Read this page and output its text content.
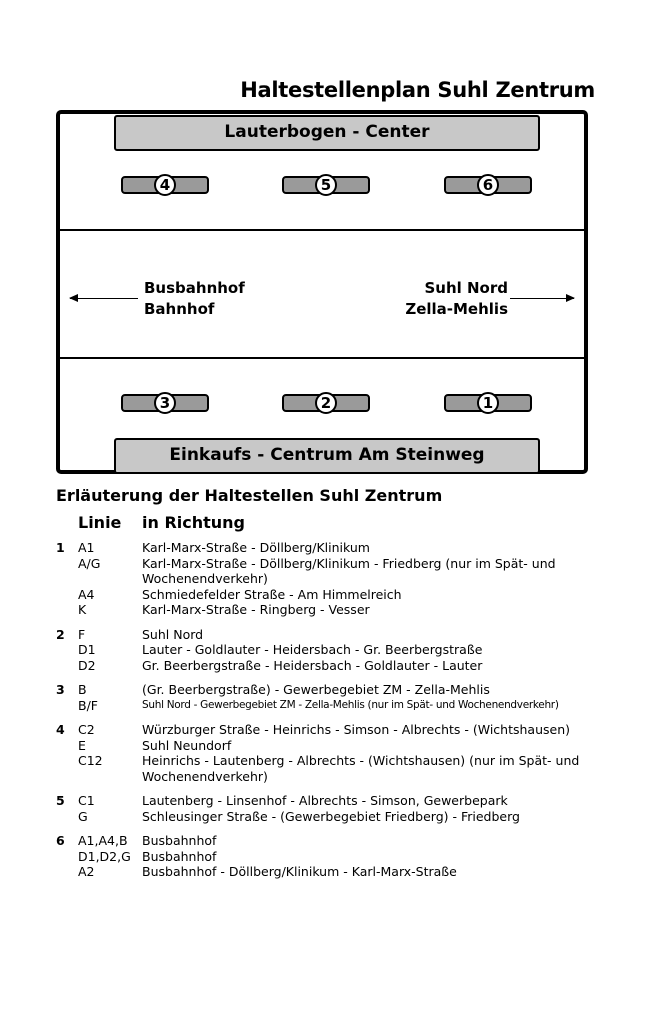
Haltestellenplan Suhl Zentrum
Lauterbogen - Center
4	5	6
Busbahnhof
Bahnhof
Suhl Nord
Zella-Mehlis
3	2	1
Einkaufs - Centrum Am Steinweg
Erläuterung der Haltestellen Suhl Zentrum
Linie in Richtung
1	A1	Karl-Marx-Straße - Döllberg/Klinikum
A/G	Karl-Marx-Straße - Döllberg/Klinikum - Friedberg (nur im Spät- und Wochenendverkehr)
A4	Schmiedefelder Straße - Am Himmelreich
K	Karl-Marx-Straße - Ringberg - Vesser
2	F	Suhl Nord
D1	Lauter - Goldlauter - Heidersbach - Gr. Beerbergstraße
D2	Gr. Beerbergstraße - Heidersbach - Goldlauter - Lauter
3	B	(Gr. Beerbergstraße) - Gewerbegebiet ZM - Zella-Mehlis
B/F	Suhl Nord - Gewerbegebiet ZM - Zella-Mehlis (nur im Spät- und Wochenendverkehr)
4	C2	Würzburger Straße - Heinrichs - Simson - Albrechts - (Wichtshausen)
E	Suhl Neundorf
C12	Heinrichs - Lautenberg - Albrechts - (Wichtshausen) (nur im Spät- und Wochenendverkehr)
5	C1	Lautenberg - Linsenhof - Albrechts - Simson, Gewerbepark
G	Schleusinger Straße - (Gewerbegebiet Friedberg) - Friedberg
6	A1,A4,B	Busbahnhof
D1,D2,G Busbahnhof
A2	Busbahnhof - Döllberg/Klinikum - Karl-Marx-Straße
